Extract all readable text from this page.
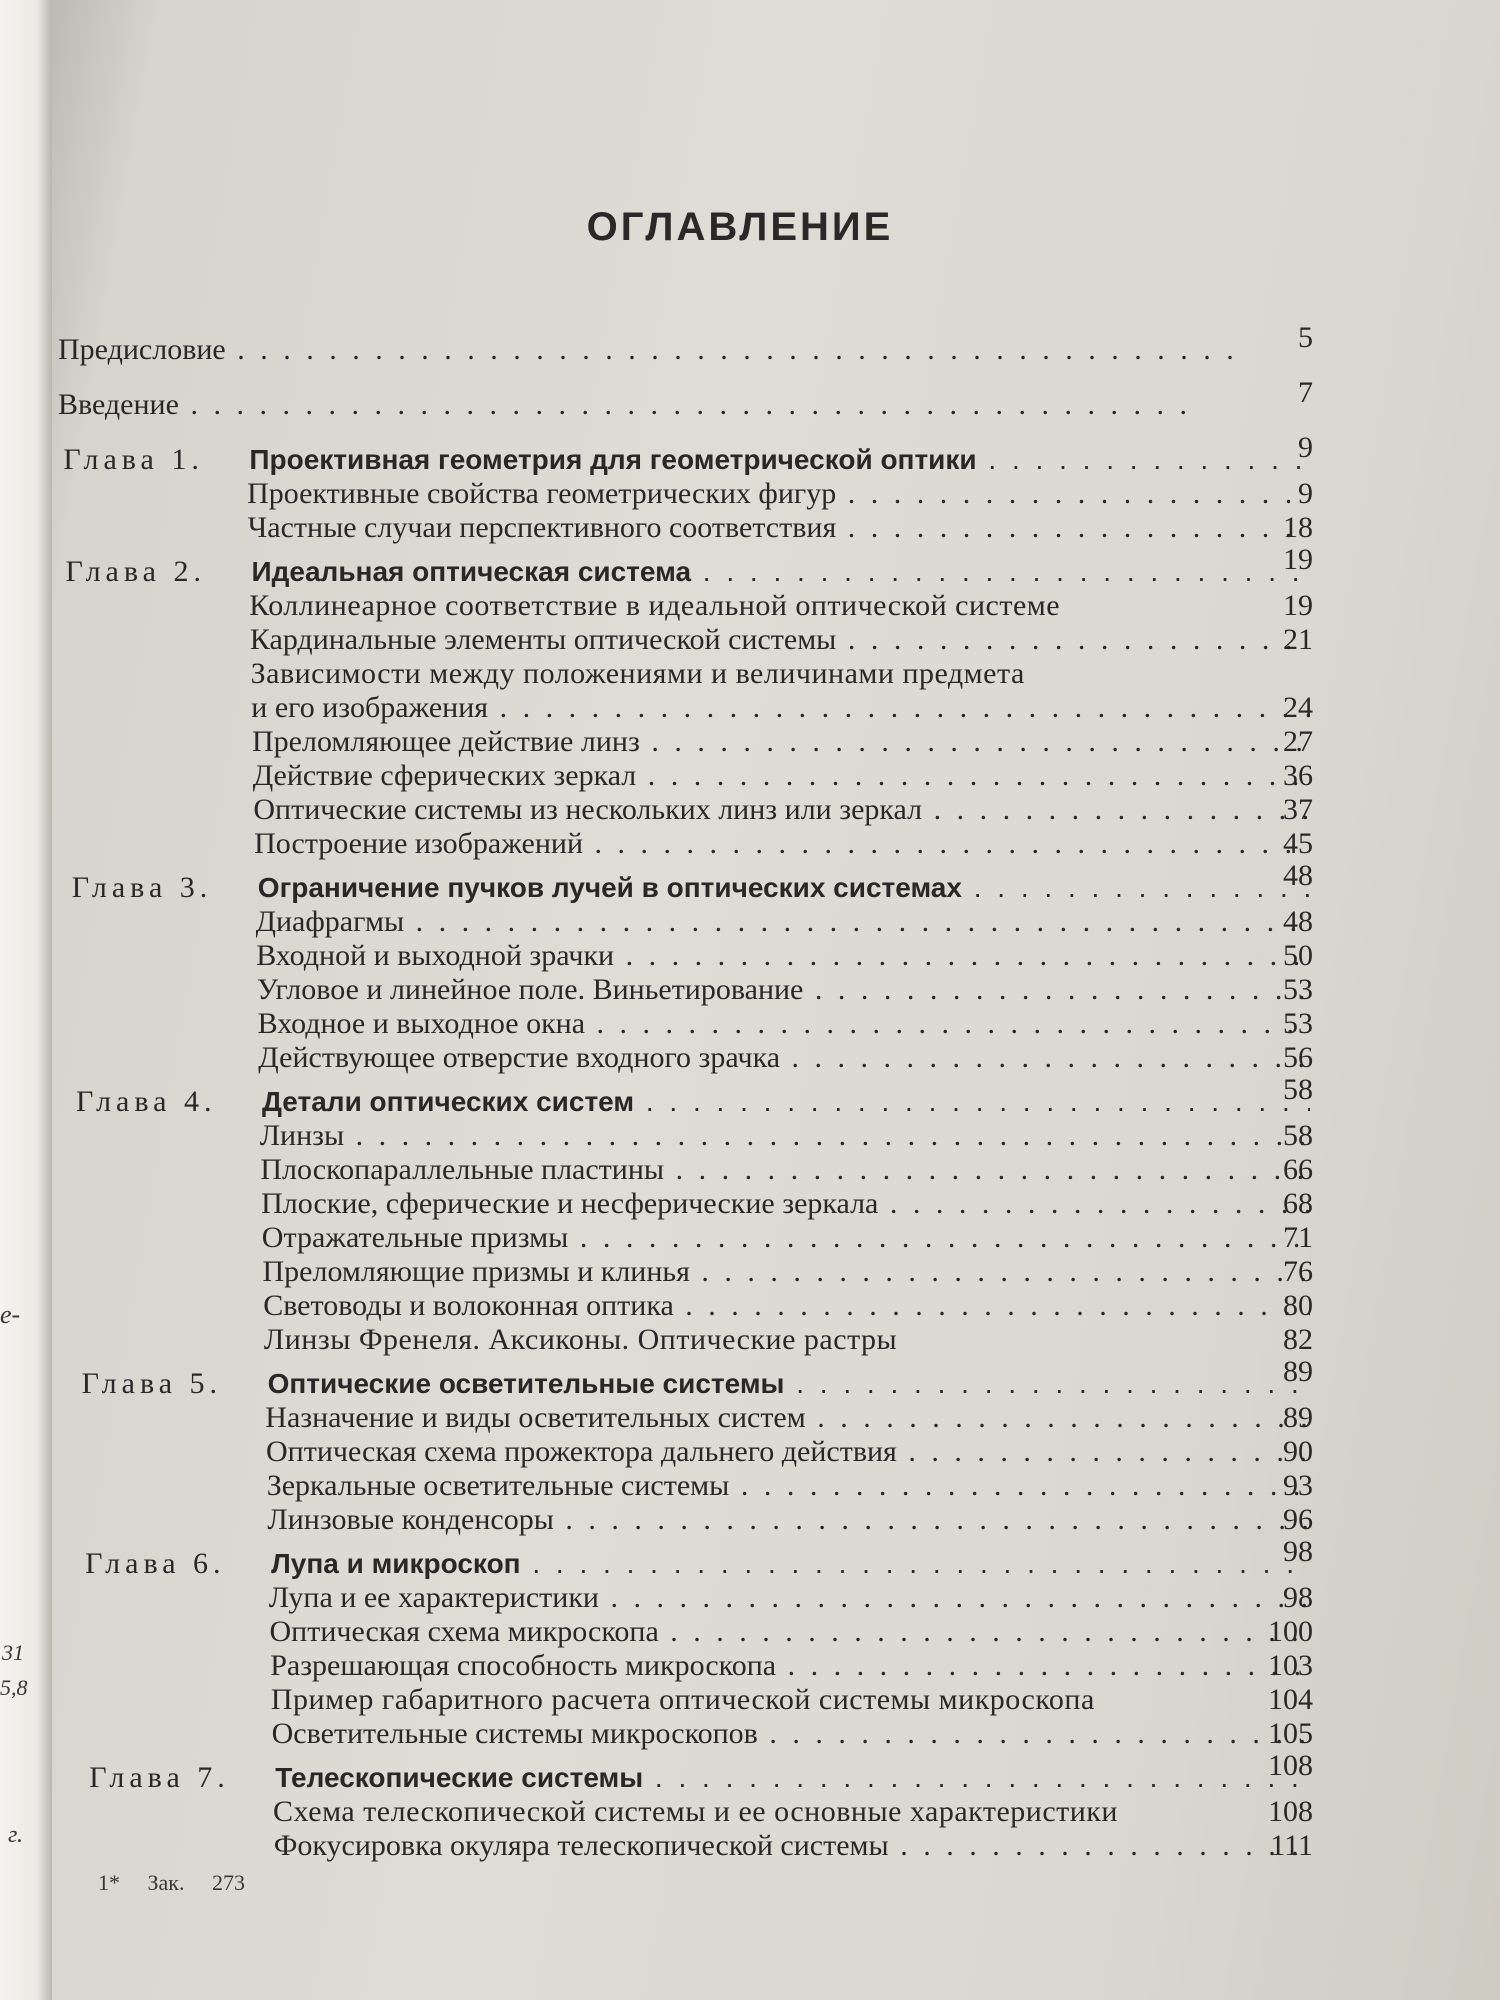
е-
31
5,8
г.
ОГЛАВЛЕНИЕ
Предисловие . .	5
Введение . .	7
Глава 1. Проективная геометрия для геометрической оптики . .	9
Проективные свойства геометрических фигур . .	9
Частные случаи перспективного соответствия . .	18
Глава 2. Идеальная оптическая система . .	19
Коллинеарное соответствие в идеальной оптической системе	19
Кардинальные элементы оптической системы . .	21
Зависимости между положениями и величинами предмета
и его изображения . .	24
Преломляющее действие линз . .	27
Действие сферических зеркал . .	36
Оптические системы из нескольких линз или зеркал . .	37
Построение изображений . .	45
Глава 3. Ограничение пучков лучей в оптических системах . .	48
Диафрагмы . .	48
Входной и выходной зрачки . .	50
Угловое и линейное поле. Виньетирование . .	53
Входное и выходное окна . .	53
Действующее отверстие входного зрачка . .	56
Глава 4. Детали оптических систем . .	58
Линзы . .	58
Плоскопараллельные пластины . .	66
Плоские, сферические и несферические зеркала . .	68
Отражательные призмы . .	71
Преломляющие призмы и клинья . .	76
Световоды и волоконная оптика . .	80
Линзы Френеля. Аксиконы. Оптические растры	82
Глава 5. Оптические осветительные системы . .	89
Назначение и виды осветительных систем . .	89
Оптическая схема прожектора дальнего действия . .	90
Зеркальные осветительные системы . .	93
Линзовые конденсоры . .	96
Глава 6. Лупа и микроскоп . .	98
Лупа и ее характеристики . .	98
Оптическая схема микроскопа . .	100
Разрешающая способность микроскопа . .	103
Пример габаритного расчета оптической системы микроскопа	104
Осветительные системы микроскопов . .	105
Глава 7. Телескопические системы . .	108
Схема телескопической системы и ее основные характеристики	108
Фокусировка окуляра телескопической системы . .	111
1* Зак. 273
